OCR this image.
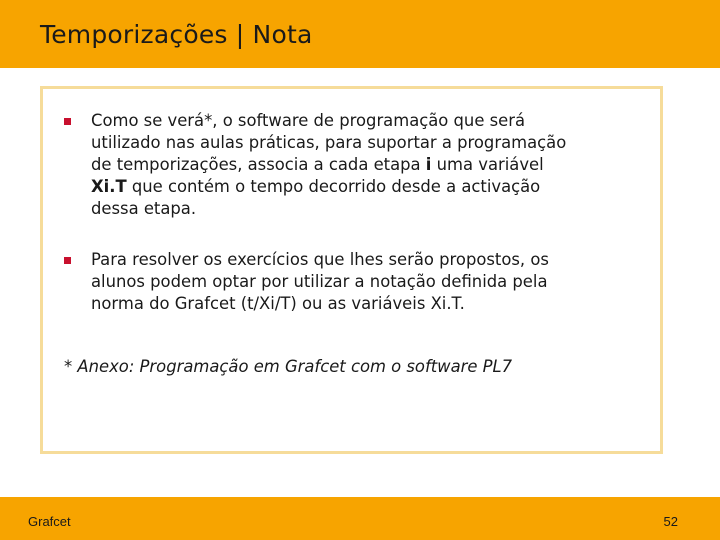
Temporizações | Nota
Como se verá*, o software de programação que será
utilizado nas aulas práticas, para suportar a programação
de temporizações, associa a cada etapa i uma variável
Xi.T que contém o tempo decorrido desde a activação
dessa etapa.
Para resolver os exercícios que lhes serão propostos, os
alunos podem optar por utilizar a notação definida pela
norma do Grafcet (t/Xi/T) ou as variáveis Xi.T.
* Anexo: Programação em Grafcet com o software PL7
Grafcet	52
